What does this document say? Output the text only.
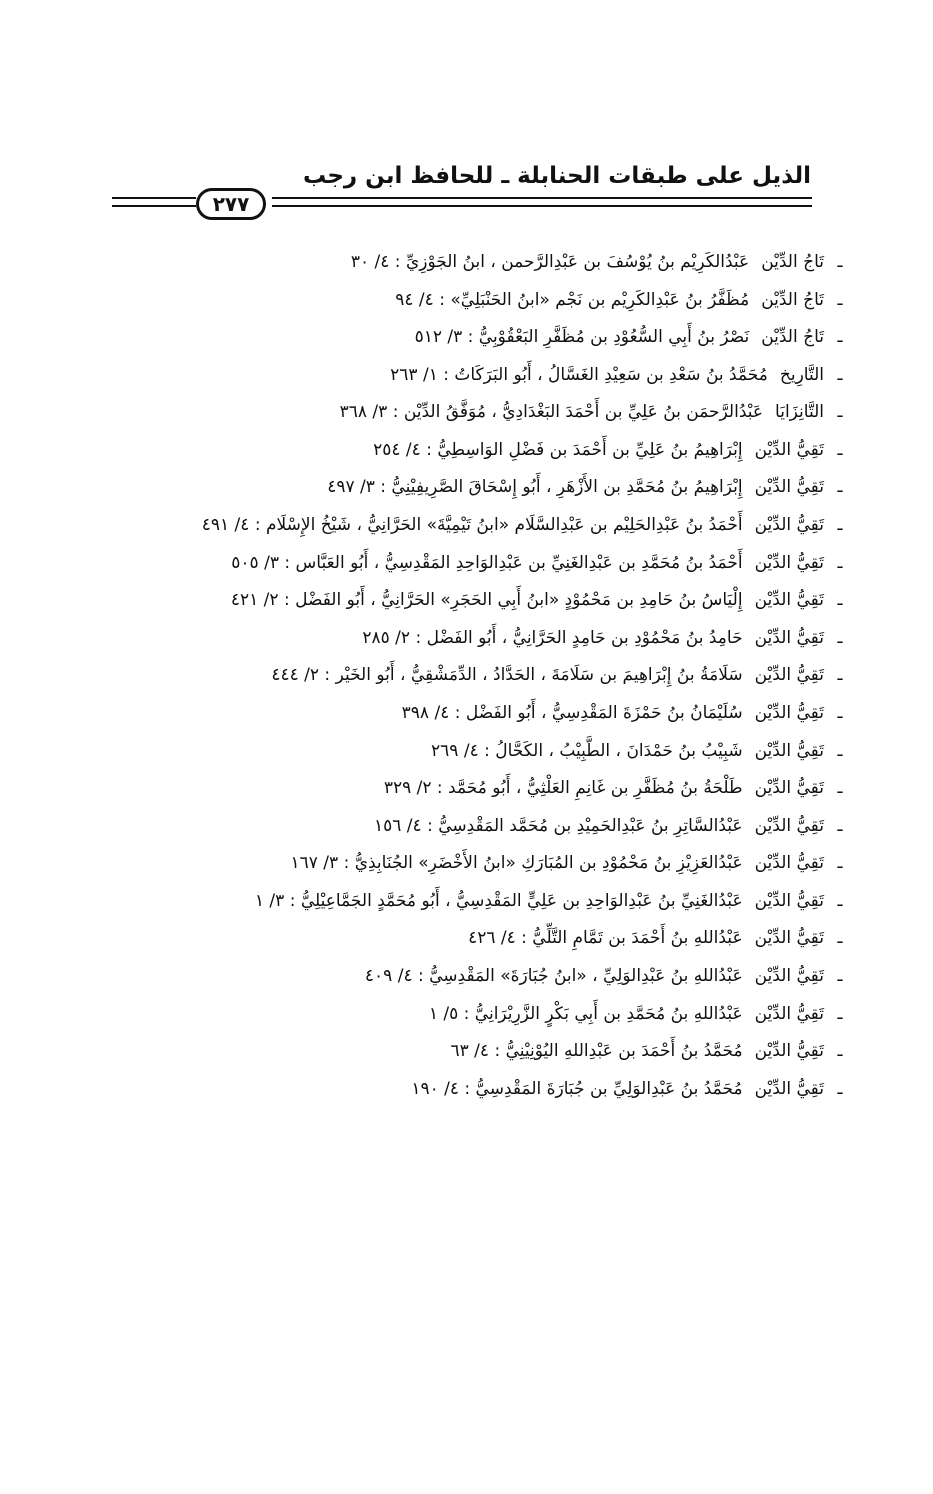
الذيل على طبقات الحنابلة ـ للحافظ ابن رجب
٢٧٧
ـ
تَاجُ الدِّيْن
عَبْدُالكَرِيْم بنُ يُوْسُفَ بن عَبْدِالرَّحمن ، ابنُ الجَوْزِيِّ : ٤/ ٣٠
ـ
تَاجُ الدِّيْن
مُظَفَّرُ بنُ عَبْدِالكَرِيْم بن نَجْم «ابنُ الحَنْبَلِيِّ» : ٤/ ٩٤
ـ
تَاجُ الدِّيْن
نَصْرُ بنُ أَبِي السُّعُوْدِ بن مُظَفَّرِ البَعْقُوْبِيُّ : ٣/ ٥١٢
ـ
التَّارِيخ
مُحَمَّدُ بنُ سَعْدِ بن سَعِيْدِ الغَسَّالُ ، أَبُو البَرَكَاتُ : ١/ ٢٦٣
ـ
التَّانِزَايَا
عَبْدُالرَّحمَن بنُ عَلِيِّ بن أَحْمَدَ البَغْدَادِيُّ ، مُوَفَّقُ الدِّيْن : ٣/ ٣٦٨
ـ
تَقِيُّ الدِّيْن
إِبْرَاهِيمُ بنُ عَلِيِّ بن أَحْمَدَ بن فَضْلِ الوَاسِطِيُّ : ٤/ ٢٥٤
ـ
تَقِيُّ الدِّيْن
إِبْرَاهِيمُ بنُ مُحَمَّدِ بن الأَزْهَرِ ، أَبُو إِسْحَاقَ الصَّرِيفِيْنِيُّ : ٣/ ٤٩٧
ـ
تَقِيُّ الدِّيْن
أَحْمَدُ بنُ عَبْدِالحَلِيْم بن عَبْدِالسَّلَام «ابنُ تَيْمِيَّةَ» الحَرَّانِيُّ ، شَيْخُ الإِسْلَام : ٤/ ٤٩١
ـ
تَقِيُّ الدِّيْن
أَحْمَدُ بنُ مُحَمَّدِ بن عَبْدِالغَنِيِّ بن عَبْدِالوَاحِدِ المَقْدِسِيُّ ، أَبُو العَبَّاس : ٣/ ٥٠٥
ـ
تَقِيُّ الدِّيْن
إِلْيَاسُ بنُ حَامِدِ بن مَحْمُوْدٍ «ابنُ أَبِي الحَجَرِ» الحَرَّانِيُّ ، أَبُو الفَضْل : ٢/ ٤٢١
ـ
تَقِيُّ الدِّيْن
حَامِدُ بنُ مَحْمُوْدِ بن حَامِدٍ الحَرَّانِيُّ ، أَبُو الفَضْل : ٢/ ٢٨٥
ـ
تَقِيُّ الدِّيْن
سَلَامَةُ بنُ إِبْرَاهِيمَ بن سَلَامَةَ ، الحَدَّادُ ، الدِّمَشْقِيُّ ، أَبُو الخَيْر : ٢/ ٤٤٤
ـ
تَقِيُّ الدِّيْن
سُلَيْمَانُ بنُ حَمْزَةَ المَقْدِسِيُّ ، أَبُو الفَضْل : ٤/ ٣٩٨
ـ
تَقِيُّ الدِّيْن
شَبِيْبُ بنُ حَمْدَانَ ، الطَّبِيْبُ ، الكَحَّالُ : ٤/ ٢٦٩
ـ
تَقِيُّ الدِّيْن
طَلْحَةُ بنُ مُظَفَّرِ بن غَانِمِ العَلْثِيُّ ، أَبُو مُحَمَّد : ٢/ ٣٢٩
ـ
تَقِيُّ الدِّيْن
عَبْدُالسَّاتِرِ بنُ عَبْدِالحَمِيْدِ بن مُحَمَّد المَقْدِسِيُّ : ٤/ ١٥٦
ـ
تَقِيُّ الدِّيْن
عَبْدُالعَزِيْزِ بنُ مَحْمُوْدِ بن المُبَارَكِ «ابنُ الأَخْضَرِ» الجُنَابِذِيُّ : ٣/ ١٦٧
ـ
تَقِيُّ الدِّيْن
عَبْدُالغَنِيِّ بنُ عَبْدِالوَاحِدِ بن عَلِيٍّ المَقْدِسِيُّ ، أَبُو مُحَمَّدٍ الجَمَّاعِيْلِيُّ : ٣/ ١
ـ
تَقِيُّ الدِّيْن
عَبْدُاللهِ بنُ أَحْمَدَ بن تَمَّامِ التَّلِّيُّ : ٤/ ٤٢٦
ـ
تَقِيُّ الدِّيْن
عَبْدُاللهِ بنُ عَبْدِالوَلِيِّ ، «ابنُ جُبَارَةَ» المَقْدِسِيُّ : ٤/ ٤٠٩
ـ
تَقِيُّ الدِّيْن
عَبْدُاللهِ بنُ مُحَمَّدِ بن أَبِي بَكْرٍ الزَّرِيْرَانِيُّ : ٥/ ١
ـ
تَقِيُّ الدِّيْن
مُحَمَّدُ بنُ أَحْمَدَ بن عَبْدِاللهِ اليُوْنِيْنِيُّ : ٤/ ٦٣
ـ
تَقِيُّ الدِّيْن
مُحَمَّدُ بنُ عَبْدِالوَلِيِّ بن جُبَارَةَ المَقْدِسِيُّ : ٤/ ١٩٠
